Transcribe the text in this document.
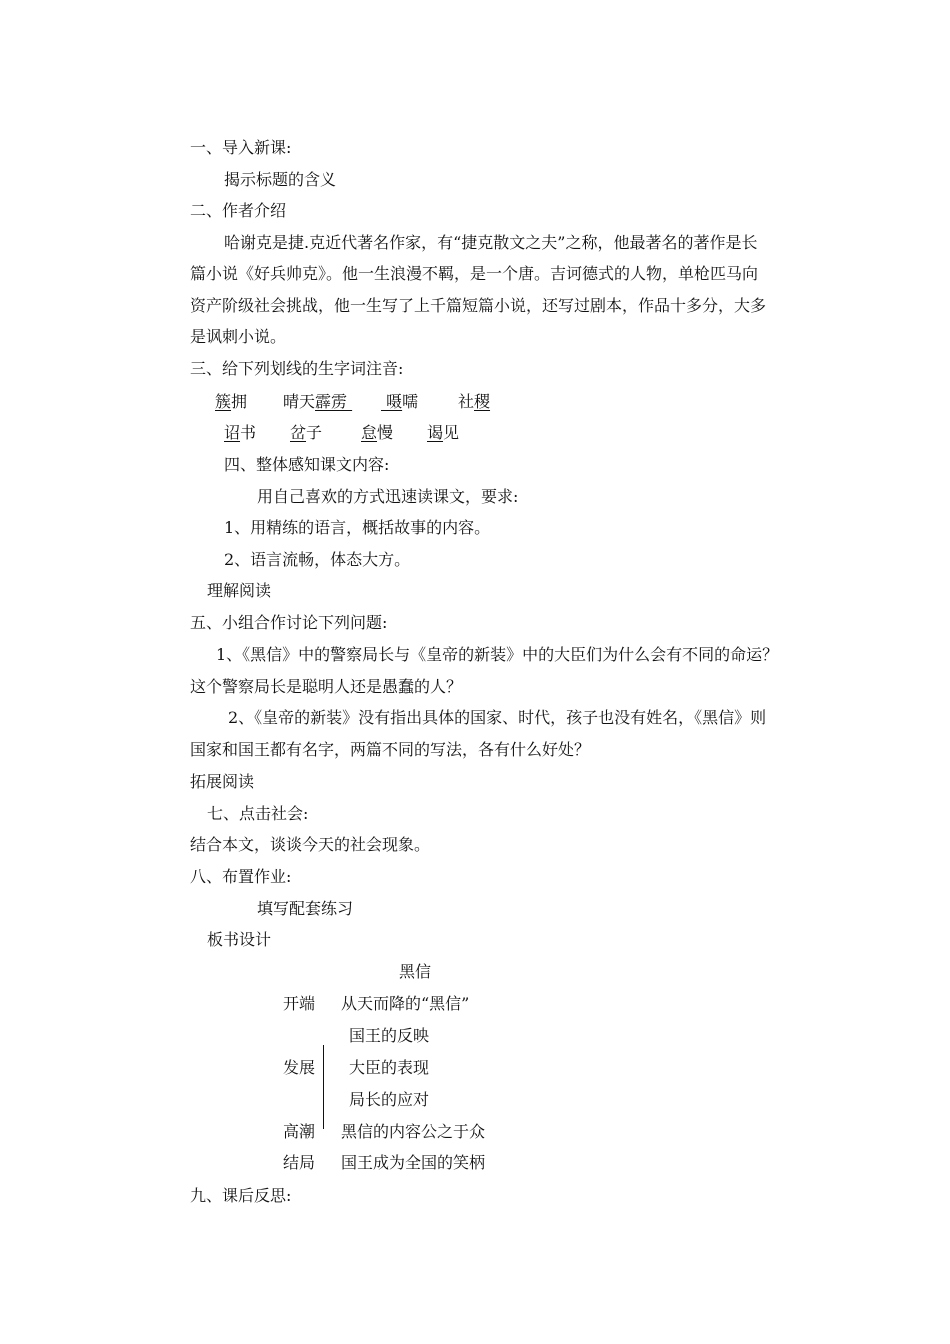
一、导入新课:
揭示标题的含义
二、作者介绍
哈谢克是捷.克近代著名作家，有“捷克散文之夫”之称，他最著名的著作是长
篇小说《好兵帅克》。他一生浪漫不羁，是一个唐。吉诃德式的人物，单枪匹马向
资产阶级社会挑战，他一生写了上千篇短篇小说，还写过剧本，作品十多分，大多
是讽刺小说。
三、给下列划线的生字词注音:
簇拥 晴天霹雳 嗫嚅 社稷
诏书 岔子 怠慢 谒见
四、整体感知课文内容:
用自己喜欢的方式迅速读课文，要求:
1、用精练的语言，概括故事的内容。
2、语言流畅，体态大方。
理解阅读
五、小组合作讨论下列问题:
1、《黑信》中的警察局长与《皇帝的新装》中的大臣们为什么会有不同的命运？
这个警察局长是聪明人还是愚蠢的人？
2、《皇帝的新装》没有指出具体的国家、时代，孩子也没有姓名，《黑信》则
国家和国王都有名字，两篇不同的写法，各有什么好处？
拓展阅读
七、点击社会:
结合本文，谈谈今天的社会现象。
八、布置作业:
填写配套练习
板书设计
黑信
开端 从天而降的“黑信”
国王的反映
发展 大臣的表现
局长的应对
高潮 黑信的内容公之于众
结局 国王成为全国的笑柄
九、课后反思:
